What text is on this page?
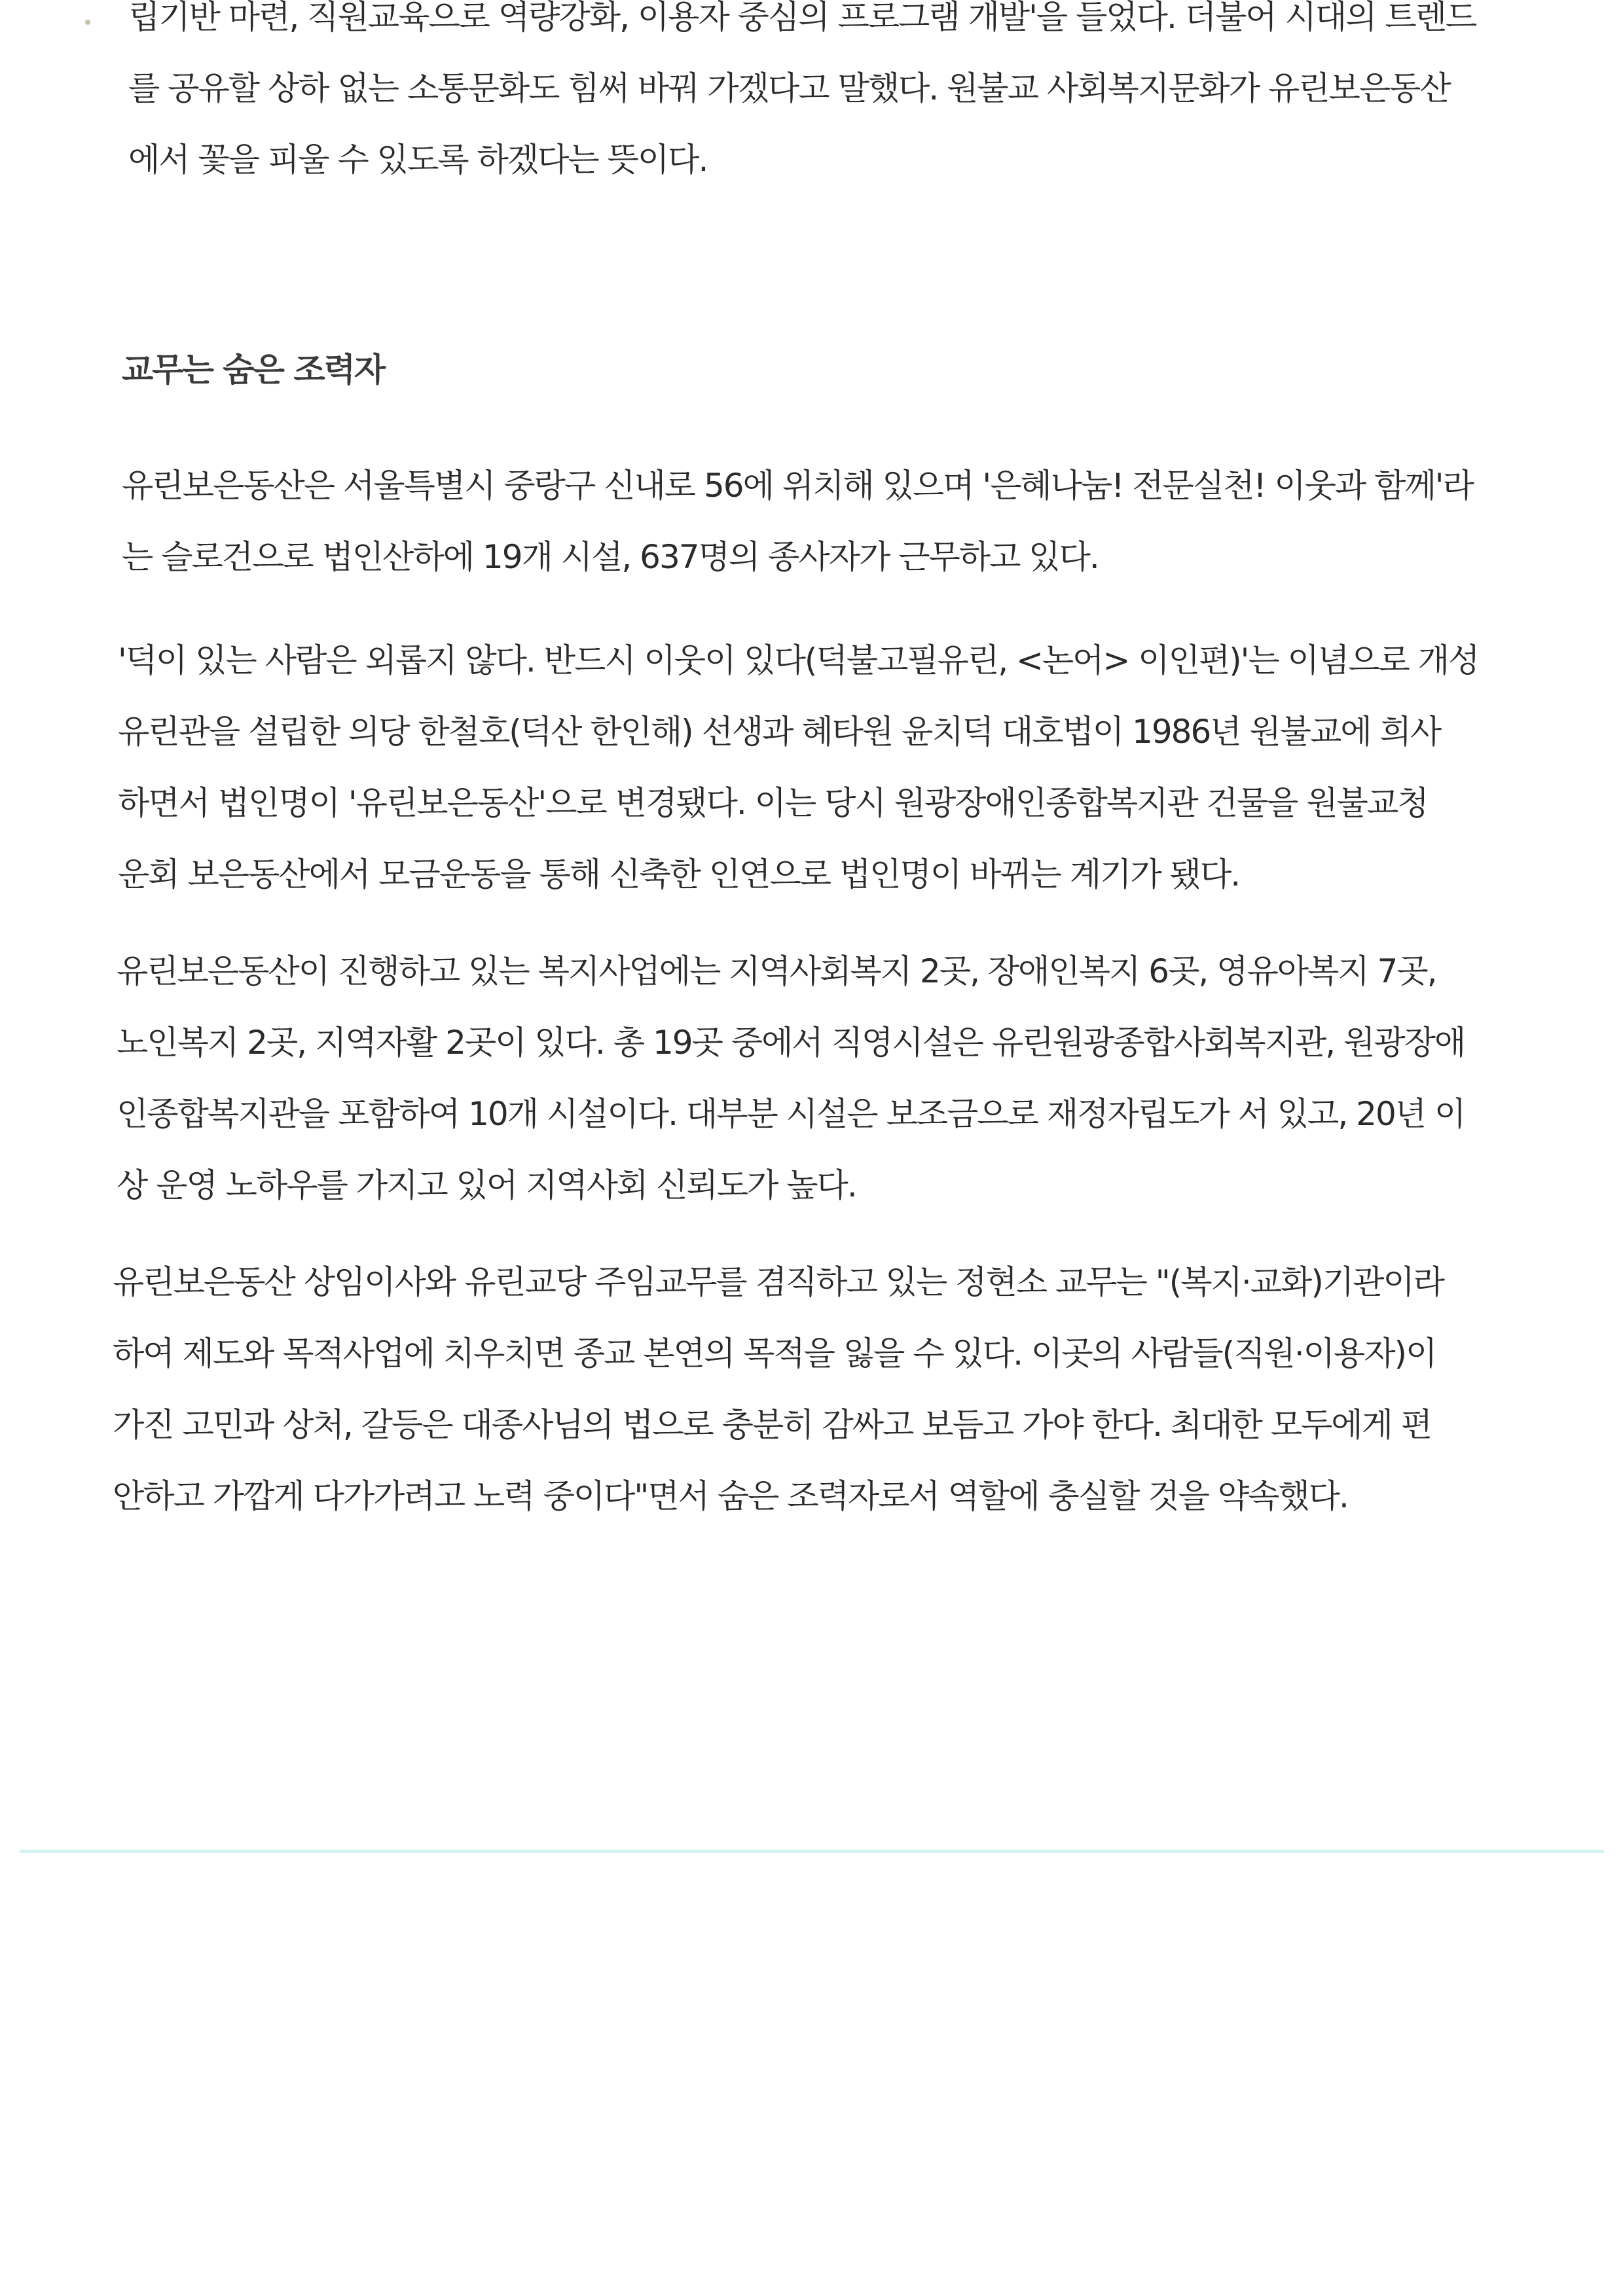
립기반 마련, 직원교육으로 역량강화, 이용자 중심의 프로그램 개발'을 들었다. 더불어 시대의 트렌드
를 공유할 상하 없는 소통문화도 힘써 바꿔 가겠다고 말했다. 원불교 사회복지문화가 유린보은동산
에서 꽃을 피울 수 있도록 하겠다는 뜻이다.

교무는 숨은 조력자

유린보은동산은 서울특별시 중랑구 신내로 56에 위치해 있으며 '은혜나눔! 전문실천! 이웃과 함께'라
는 슬로건으로 법인산하에 19개 시설, 637명의 종사자가 근무하고 있다.

'덕이 있는 사람은 외롭지 않다. 반드시 이웃이 있다(덕불고필유린, <논어> 이인편)'는 이념으로 개성
유린관을 설립한 의당 한철호(덕산 한인해) 선생과 혜타원 윤치덕 대호법이 1986년 원불교에 희사
하면서 법인명이 '유린보은동산'으로 변경됐다. 이는 당시 원광장애인종합복지관 건물을 원불교청
운회 보은동산에서 모금운동을 통해 신축한 인연으로 법인명이 바뀌는 계기가 됐다.

유린보은동산이 진행하고 있는 복지사업에는 지역사회복지 2곳, 장애인복지 6곳, 영유아복지 7곳,
노인복지 2곳, 지역자활 2곳이 있다. 총 19곳 중에서 직영시설은 유린원광종합사회복지관, 원광장애
인종합복지관을 포함하여 10개 시설이다. 대부분 시설은 보조금으로 재정자립도가 서 있고, 20년 이
상 운영 노하우를 가지고 있어 지역사회 신뢰도가 높다.

유린보은동산 상임이사와 유린교당 주임교무를 겸직하고 있는 정현소 교무는 "(복지·교화)기관이라
하여 제도와 목적사업에 치우치면 종교 본연의 목적을 잃을 수 있다. 이곳의 사람들(직원·이용자)이
가진 고민과 상처, 갈등은 대종사님의 법으로 충분히 감싸고 보듬고 가야 한다. 최대한 모두에게 편
안하고 가깝게 다가가려고 노력 중이다"면서 숨은 조력자로서 역할에 충실할 것을 약속했다.
